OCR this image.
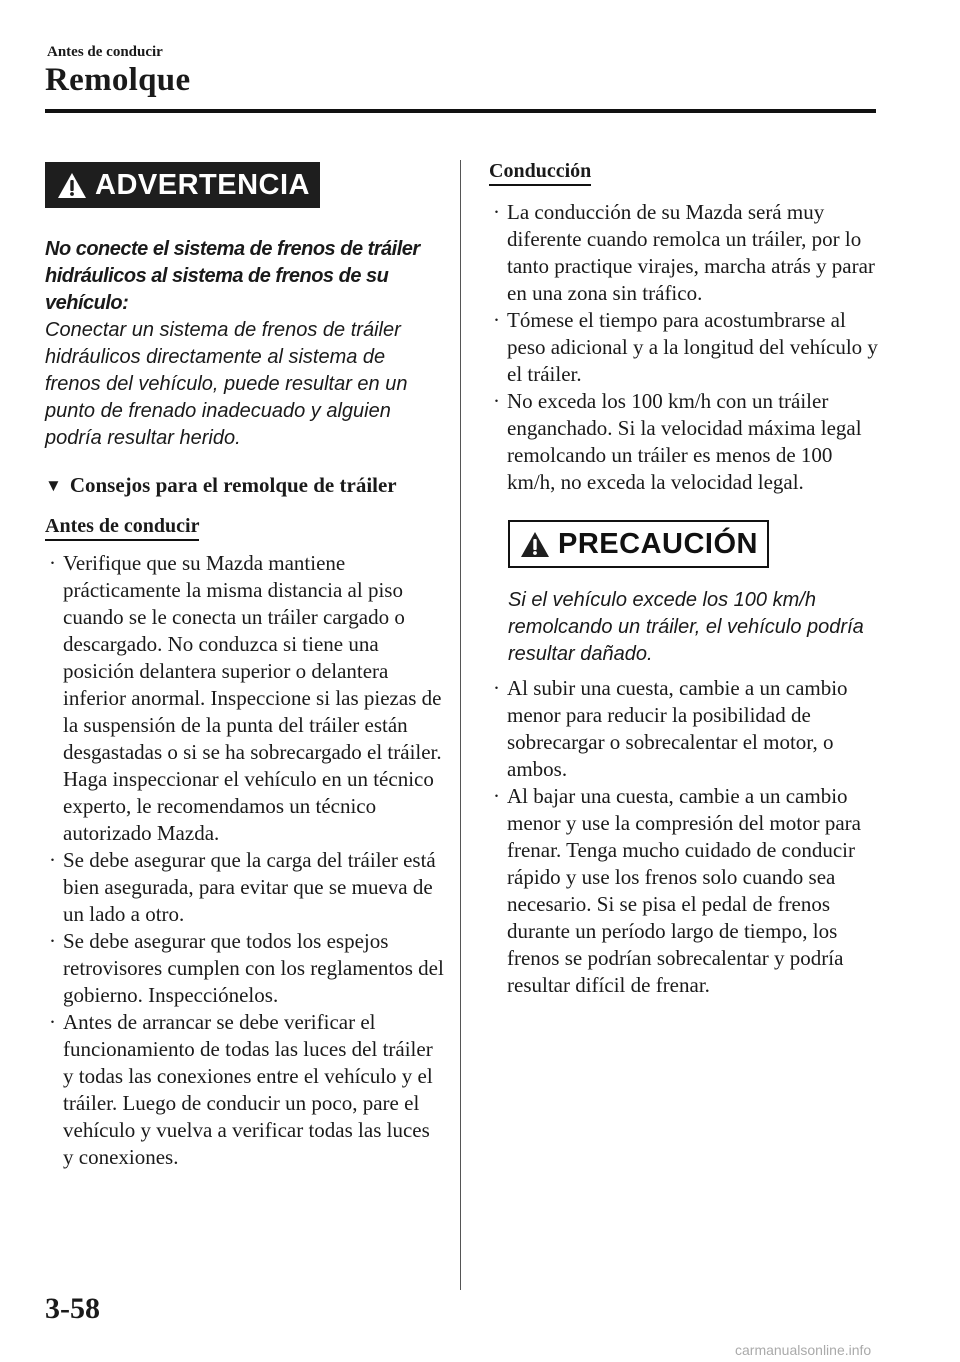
Antes de conducir
Remolque
ADVERTENCIA
No conecte el sistema de frenos de tráiler hidráulicos al sistema de frenos de su vehículo:
Conectar un sistema de frenos de tráiler hidráulicos directamente al sistema de frenos del vehículo, puede resultar en un punto de frenado inadecuado y alguien podría resultar herido.
▼ Consejos para el remolque de tráiler
Antes de conducir
· Verifique que su Mazda mantiene prácticamente la misma distancia al piso cuando se le conecta un tráiler cargado o descargado. No conduzca si tiene una posición delantera superior o delantera inferior anormal. Inspeccione si las piezas de la suspensión de la punta del tráiler están desgastadas o si se ha sobrecargado el tráiler. Haga inspeccionar el vehículo en un técnico experto, le recomendamos un técnico autorizado Mazda.
· Se debe asegurar que la carga del tráiler está bien asegurada, para evitar que se mueva de un lado a otro.
· Se debe asegurar que todos los espejos retrovisores cumplen con los reglamentos del gobierno. Inspecciónelos.
· Antes de arrancar se debe verificar el funcionamiento de todas las luces del tráiler y todas las conexiones entre el vehículo y el tráiler. Luego de conducir un poco, pare el vehículo y vuelva a verificar todas las luces y conexiones.
Conducción
· La conducción de su Mazda será muy diferente cuando remolca un tráiler, por lo tanto practique virajes, marcha atrás y parar en una zona sin tráfico.
· Tómese el tiempo para acostumbrarse al peso adicional y a la longitud del vehículo y el tráiler.
· No exceda los 100 km/h con un tráiler enganchado. Si la velocidad máxima legal remolcando un tráiler es menos de 100 km/h, no exceda la velocidad legal.
PRECAUCIÓN
Si el vehículo excede los 100 km/h remolcando un tráiler, el vehículo podría resultar dañado.
· Al subir una cuesta, cambie a un cambio menor para reducir la posibilidad de sobrecargar o sobrecalentar el motor, o ambos.
· Al bajar una cuesta, cambie a un cambio menor y use la compresión del motor para frenar. Tenga mucho cuidado de conducir rápido y use los frenos solo cuando sea necesario. Si se pisa el pedal de frenos durante un período largo de tiempo, los frenos se podrían sobrecalentar y podría resultar difícil de frenar.
3-58
carmanualsonline.info
